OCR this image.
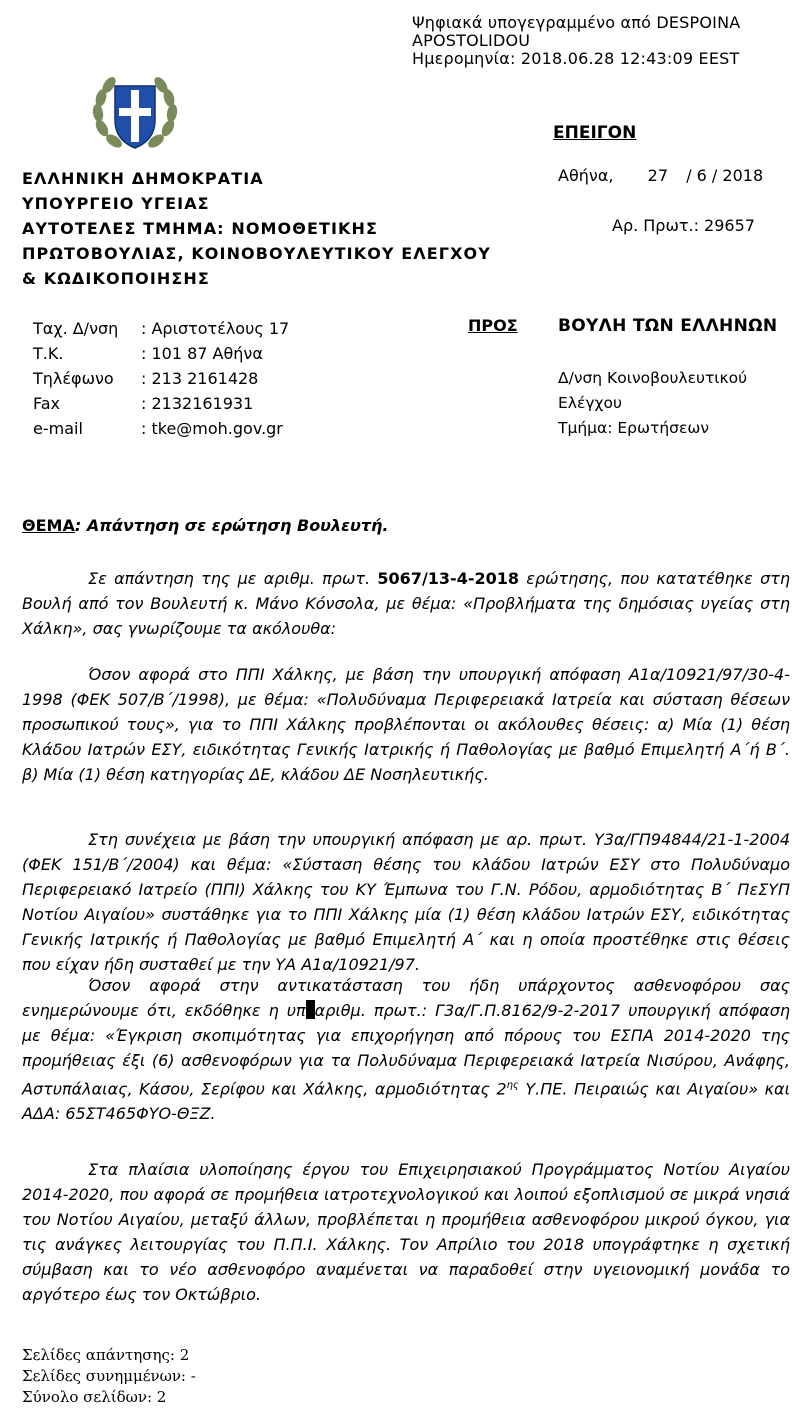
Ψηφιακά υπογεγραμμένο από DESPOINA
APOSTOLIDOU
Ημερομηνία: 2018.06.28 12:43:09 EEST
ΕΠΕΙΓΟΝ
ΕΛΛΗΝΙΚΗ ΔΗΜΟΚΡΑΤΙΑ
ΥΠΟΥΡΓΕΙΟ ΥΓΕΙΑΣ
ΑΥΤΟΤΕΛΕΣ ΤΜΗΜΑ: ΝΟΜΟΘΕΤΙΚΗΣ
ΠΡΩΤΟΒΟΥΛΙΑΣ, ΚΟΙΝΟΒΟΥΛΕΥΤΙΚΟΥ ΕΛΕΓΧΟΥ
& ΚΩΔΙΚΟΠΟΙΗΣΗΣ
Αθήνα, 27 / 6 / 2018
Αρ. Πρωτ.: 29657
Ταχ. Δ/νση : Αριστοτέλους 17
Τ.Κ.	: 101 87 Αθήνα
Τηλέφωνο : 213 2161428
Fax	: 2132161931
e-mail	: tke@moh.gov.gr
ΠΡΟΣ ΒΟΥΛΗ ΤΩΝ ΕΛΛΗΝΩΝ
Δ/νση Κοινοβουλευτικού
Ελέγχου
Τμήμα: Ερωτήσεων
ΘΕΜΑ: Απάντηση σε ερώτηση Βουλευτή.
Σε απάντηση της με αριθμ. πρωτ. 5067/13-4-2018 ερώτησης, που κατατέθηκε στη Βουλή από τον Βουλευτή κ. Μάνο Κόνσολα, με θέμα: «Προβλήματα της δημόσιας υγείας στη Χάλκη», σας γνωρίζουμε τα ακόλουθα:
Όσον αφορά στο ΠΠΙ Χάλκης, με βάση την υπουργική απόφαση Α1α/10921/97/30-4-1998 (ΦΕΚ 507/Β΄/1998), με θέμα: «Πολυδύναμα Περιφερειακά Ιατρεία και σύσταση θέσεων προσωπικού τους», για το ΠΠΙ Χάλκης προβλέπονται οι ακόλουθες θέσεις: α) Μία (1) θέση Κλάδου Ιατρών ΕΣΥ, ειδικότητας Γενικής Ιατρικής ή Παθολογίας με βαθμό Επιμελητή Α΄ή Β΄. β) Μία (1) θέση κατηγορίας ΔΕ, κλάδου ΔΕ Νοσηλευτικής.
Στη συνέχεια με βάση την υπουργική απόφαση με αρ. πρωτ. Υ3α/ΓΠ94844/21-1-2004 (ΦΕΚ 151/Β΄/2004) και θέμα: «Σύσταση θέσης του κλάδου Ιατρών ΕΣΥ στο Πολυδύναμο Περιφερειακό Ιατρείο (ΠΠΙ) Χάλκης του ΚΥ Έμπωνα του Γ.Ν. Ρόδου, αρμοδιότητας Β΄ ΠεΣΥΠ Νοτίου Αιγαίου» συστάθηκε για το ΠΠΙ Χάλκης μία (1) θέση κλάδου Ιατρών ΕΣΥ, ειδικότητας Γενικής Ιατρικής ή Παθολογίας με βαθμό Επιμελητή Α΄ και η οποία προστέθηκε στις θέσεις που είχαν ήδη συσταθεί με την ΥΑ Α1α/10921/97.
Όσον αφορά στην αντικατάσταση του ήδη υπάρχοντος ασθενοφόρου σας ενημερώνουμε ότι, εκδόθηκε η υπ αριθμ. πρωτ.: Γ3α/Γ.Π.8162/9-2-2017 υπουργική απόφαση με θέμα: «Έγκριση σκοπιμότητας για επιχορήγηση από πόρους του ΕΣΠΑ 2014-2020 της προμήθειας έξι (6) ασθενοφόρων για τα Πολυδύναμα Περιφερειακά Ιατρεία Νισύρου, Ανάφης, Αστυπάλαιας, Κάσου, Σερίφου και Χάλκης, αρμοδιότητας $2^{\eta\varsigma}$ Υ.ΠΕ. Πειραιώς και Αιγαίου» και ΑΔΑ: 65ΣΤ465ΦΥΟ-ΘΞΖ.
Στα πλαίσια υλοποίησης έργου του Επιχειρησιακού Προγράμματος Νοτίου Αιγαίου 2014-2020, που αφορά σε προμήθεια ιατροτεχνολογικού και λοιπού εξοπλισμού σε μικρά νησιά του Νοτίου Αιγαίου, μεταξύ άλλων, προβλέπεται η προμήθεια ασθενοφόρου μικρού όγκου, για τις ανάγκες λειτουργίας του Π.Π.Ι. Χάλκης. Τον Απρίλιο του 2018 υπογράφτηκε η σχετική σύμβαση και το νέο ασθενοφόρο αναμένεται να παραδοθεί στην υγειονομική μονάδα το αργότερο έως τον Οκτώβριο.
Σελίδες απάντησης: 2
Σελίδες συνημμένων: -
Σύνολο σελίδων: 2
